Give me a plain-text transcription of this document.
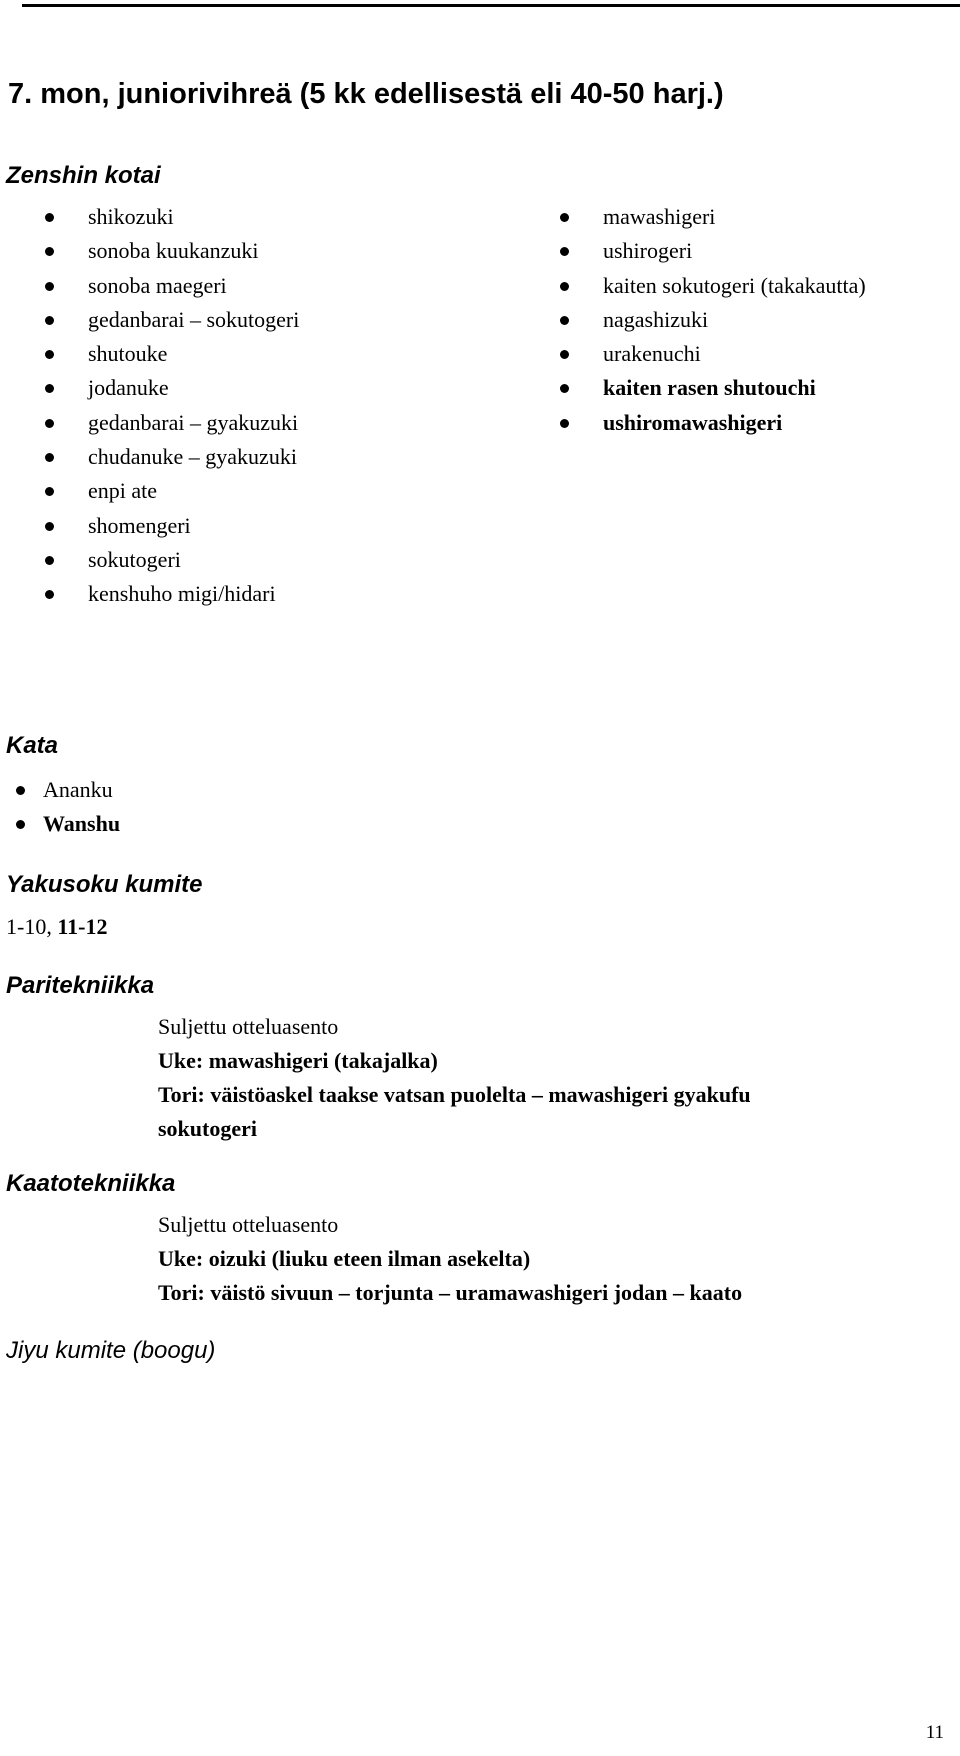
7. mon, juniorivihreä (5 kk edellisestä eli 40-50 harj.)
Zenshin kotai
shikozuki
sonoba kuukanzuki
sonoba maegeri
gedanbarai – sokutogeri
shutouke
jodanuke
gedanbarai – gyakuzuki
chudanuke – gyakuzuki
enpi ate
shomengeri
sokutogeri
kenshuho migi/hidari
mawashigeri
ushirogeri
kaiten sokutogeri (takakautta)
nagashizuki
urakenuchi
kaiten rasen shutouchi
ushiromawashigeri
Kata
Ananku
Wanshu
Yakusoku kumite
1-10, 11-12
Paritekniikka
Suljettu otteluasento
Uke: mawashigeri (takajalka)
Tori: väistöaskel taakse vatsan puolelta – mawashigeri gyakufu
sokutogeri
Kaatotekniikka
Suljettu otteluasento
Uke: oizuki (liuku eteen ilman asekelta)
Tori: väistö sivuun – torjunta – uramawashigeri jodan – kaato
Jiyu kumite (boogu)
11
